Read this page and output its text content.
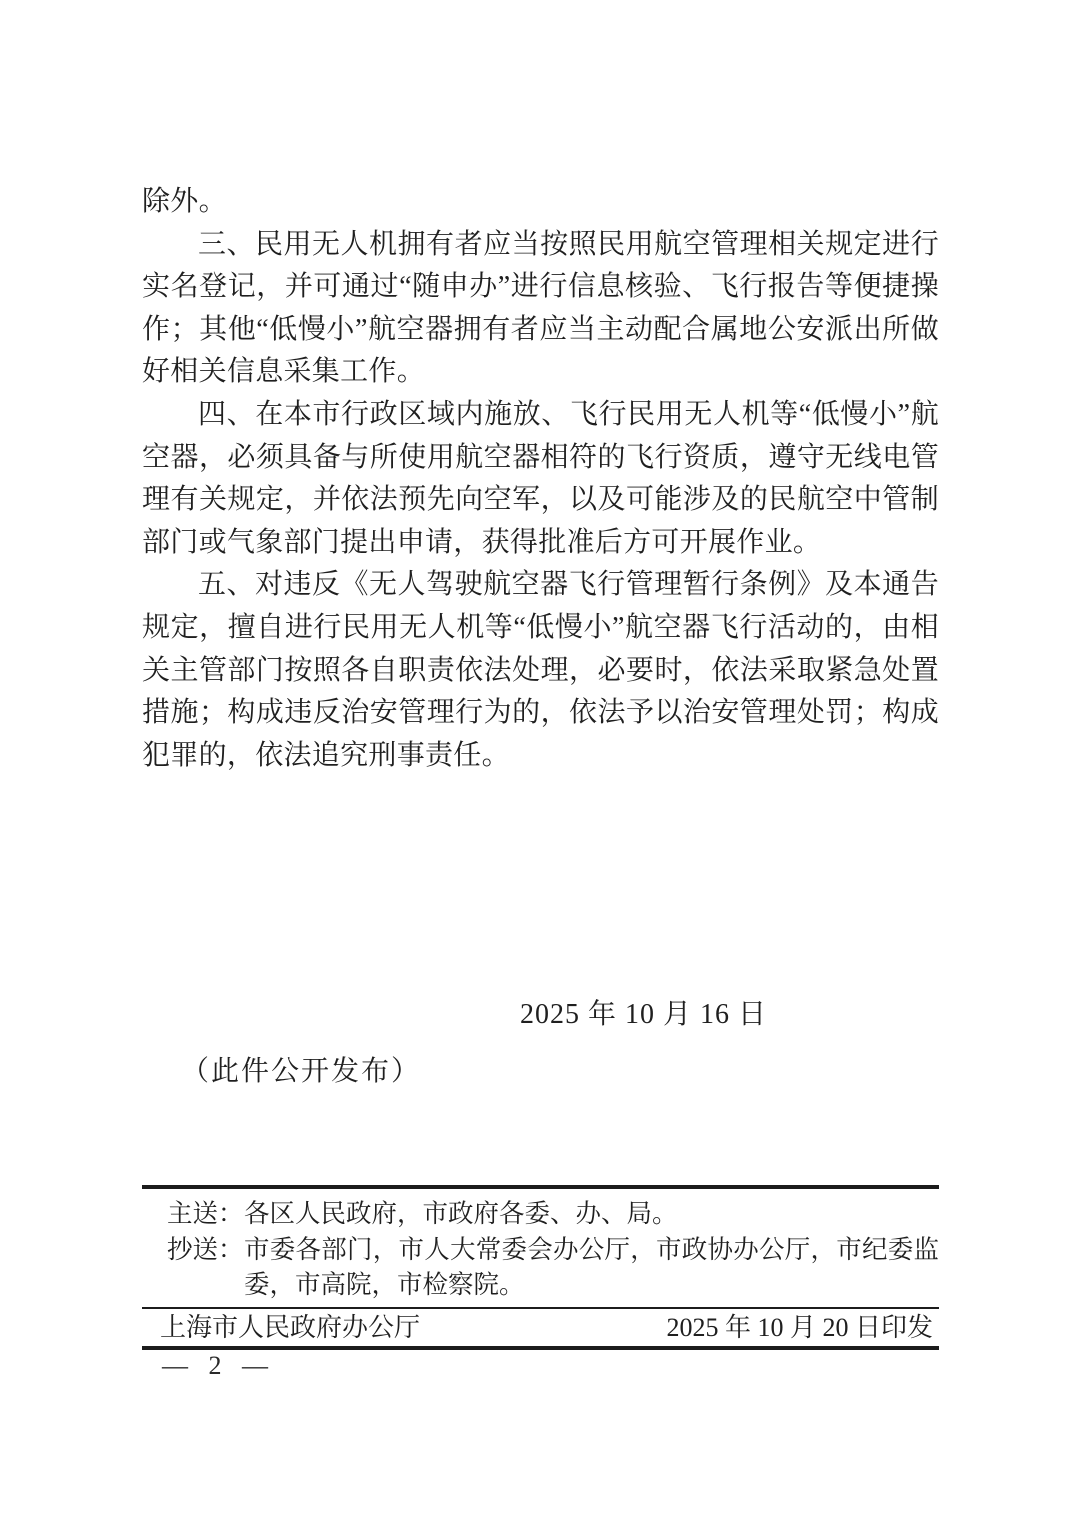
除外。

三、民用无人机拥有者应当按照民用航空管理相关规定进行实名登记，并可通过“随申办”进行信息核验、飞行报告等便捷操作；其他“低慢小”航空器拥有者应当主动配合属地公安派出所做好相关信息采集工作。

四、在本市行政区域内施放、飞行民用无人机等“低慢小”航空器，必须具备与所使用航空器相符的飞行资质，遵守无线电管理有关规定，并依法预先向空军，以及可能涉及的民航空中管制部门或气象部门提出申请，获得批准后方可开展作业。

五、对违反《无人驾驶航空器飞行管理暂行条例》及本通告规定，擅自进行民用无人机等“低慢小”航空器飞行活动的，由相关主管部门按照各自职责依法处理，必要时，依法采取紧急处置措施；构成违反治安管理行为的，依法予以治安管理处罚；构成犯罪的，依法追究刑事责任。

2025 年 10 月 16 日
（此件公开发布）
主送： 各区人民政府，市政府各委、办、局。
抄送： 市委各部门，市人大常委会办公厅，市政协办公厅，市纪委监委，市高院，市检察院。
上海市人民政府办公厅	2025 年 10 月 20 日印发
— 2 —
